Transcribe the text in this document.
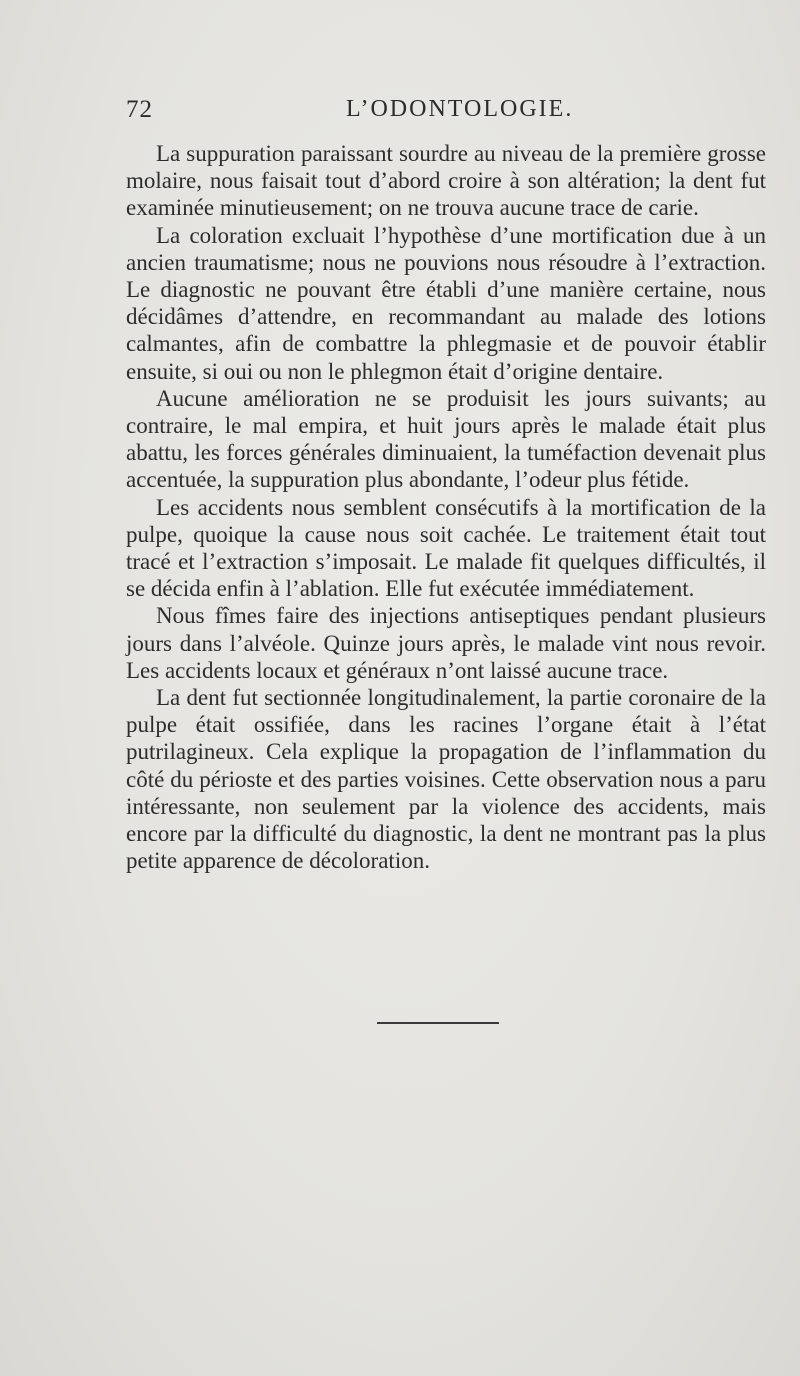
72	L’ODONTOLOGIE.

La suppuration paraissant sourdre au niveau de la première grosse molaire, nous faisait tout d’abord croire à son altération; la dent fut examinée minutieusement; on ne trouva aucune trace de carie.

La coloration excluait l’hypothèse d’une mortification due à un ancien traumatisme; nous ne pouvions nous résoudre à l’extraction. Le diagnostic ne pouvant être établi d’une manière certaine, nous décidâmes d’attendre, en recommandant au malade des lotions calmantes, afin de combattre la phlegmasie et de pouvoir établir ensuite, si oui ou non le phlegmon était d’origine dentaire.

Aucune amélioration ne se produisit les jours suivants; au contraire, le mal empira, et huit jours après le malade était plus abattu, les forces générales diminuaient, la tuméfaction devenait plus accentuée, la suppuration plus abondante, l’odeur plus fétide.

Les accidents nous semblent consécutifs à la mortification de la pulpe, quoique la cause nous soit cachée. Le traitement était tout tracé et l’extraction s’imposait. Le malade fit quelques difficultés, il se décida enfin à l’ablation. Elle fut exécutée immédiatement.

Nous fîmes faire des injections antiseptiques pendant plusieurs jours dans l’alvéole. Quinze jours après, le malade vint nous revoir. Les accidents locaux et généraux n’ont laissé aucune trace.

La dent fut sectionnée longitudinalement, la partie coronaire de la pulpe était ossifiée, dans les racines l’organe était à l’état putrilagineux. Cela explique la propagation de l’inflammation du côté du périoste et des parties voisines. Cette observation nous a paru intéressante, non seulement par la violence des accidents, mais encore par la difficulté du diagnostic, la dent ne montrant pas la plus petite apparence de décoloration.
